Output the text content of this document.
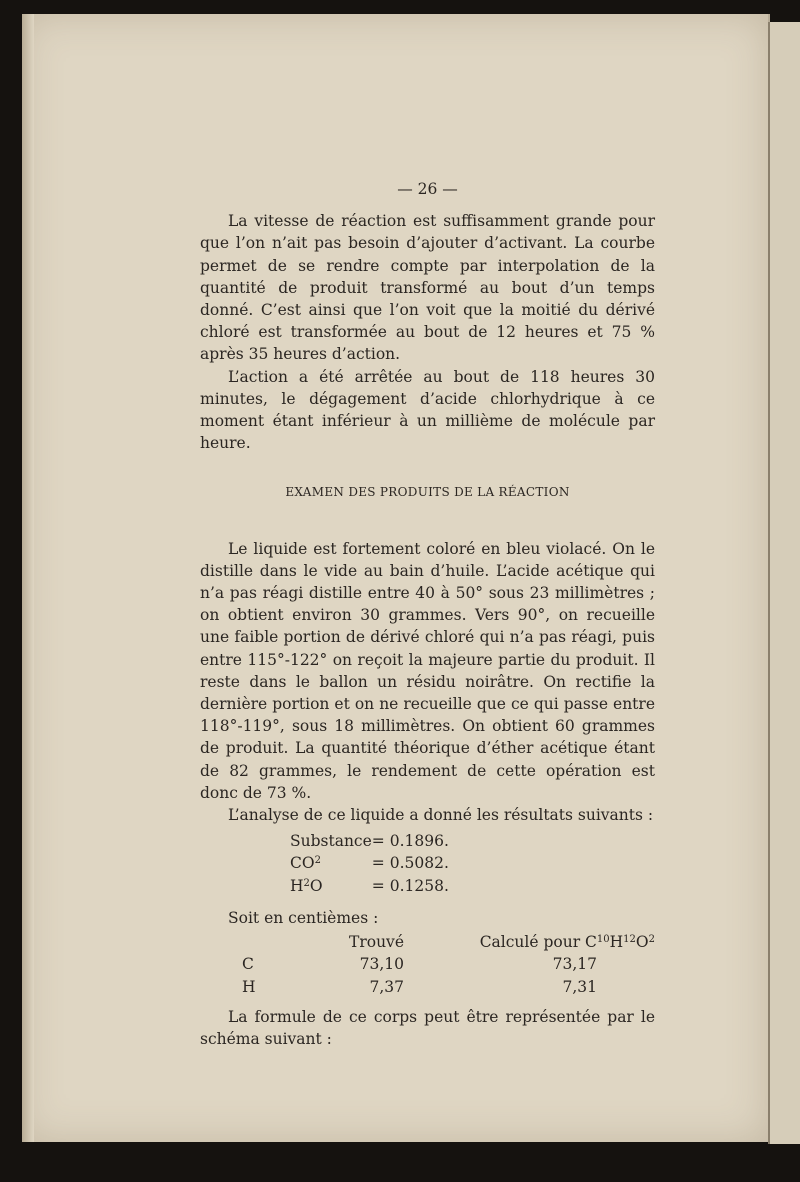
— 26 —

La vitesse de réaction est suffisamment grande pour que l’on n’ait pas besoin d’ajouter d’activant. La courbe permet de se rendre compte par interpolation de la quantité de produit transformé au bout d’un temps donné. C’est ainsi que l’on voit que la moitié du dérivé chloré est transformée au bout de 12 heures et 75 % après 35 heures d’action.

L’action a été arrêtée au bout de 118 heures 30 minutes, le dégagement d’acide chlorhydrique à ce moment étant inférieur à un millième de molécule par heure.

EXAMEN DES PRODUITS DE LA RÉACTION

Le liquide est fortement coloré en bleu violacé. On le distille dans le vide au bain d’huile. L’acide acétique qui n’a pas réagi distille entre 40 à 50° sous 23 millimètres ; on obtient environ 30 grammes. Vers 90°, on recueille une faible portion de dérivé chloré qui n’a pas réagi, puis entre 115°-122° on reçoit la majeure partie du produit. Il reste dans le ballon un résidu noirâtre. On rectifie la dernière portion et on ne recueille que ce qui passe entre 118°-119°, sous 18 millimètres. On obtient 60 grammes de produit. La quantité théorique d’éther acétique étant de 82 grammes, le rendement de cette opération est donc de 73 %.

L’analyse de ce liquide a donné les résultats suivants :

Substance	= 0.1896.
$CO^2$	= 0.5082.
$H^2O$	= 0.1258.

Soit en centièmes :

	Trouvé	Calculé pour $C^{10}H^{12}O^2$
C	73,10	73,17
H	7,37	7,31

La formule de ce corps peut être représentée par le schéma suivant :
